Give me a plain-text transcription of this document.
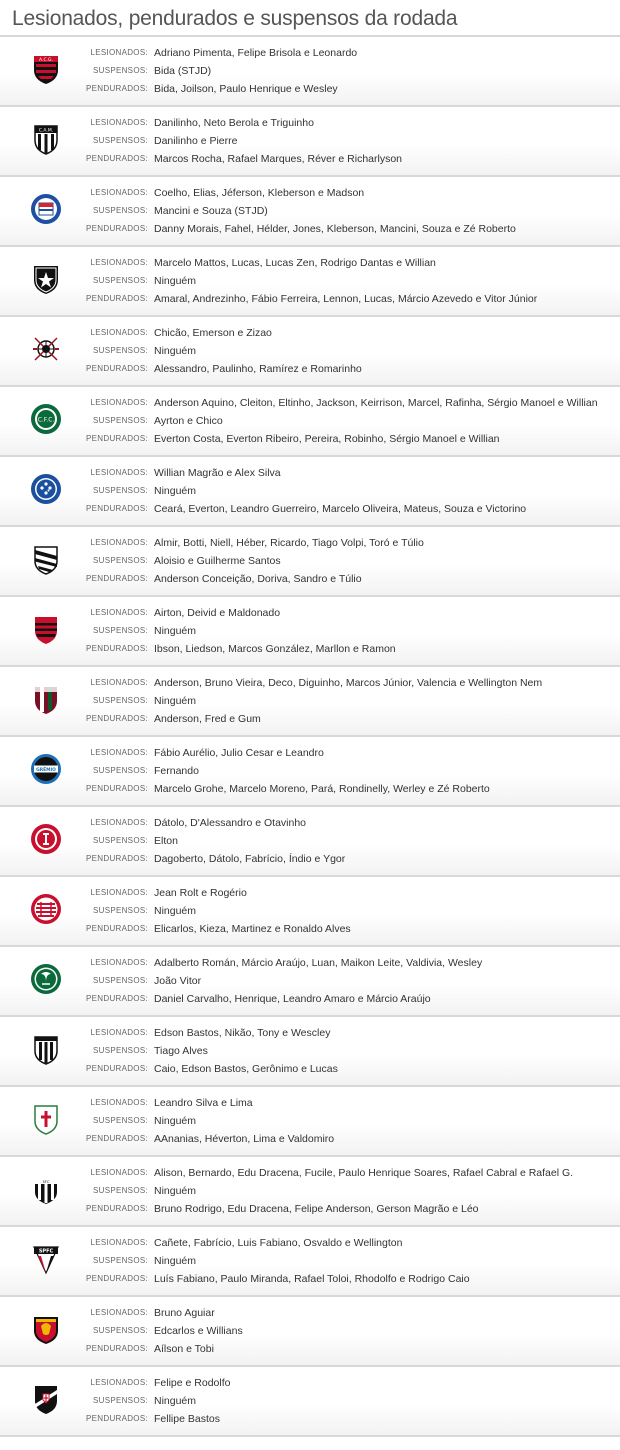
Lesionados, pendurados e suspensos da rodada
A.C.G.
LESIONADOS: Adriano Pimenta, Felipe Brisola e Leonardo
SUSPENSOS: Bida (STJD)
PENDURADOS: Bida, Joilson, Paulo Henrique e Wesley
C.A.M.
LESIONADOS: Danilinho, Neto Berola e Triguinho
SUSPENSOS: Danilinho e Pierre
PENDURADOS: Marcos Rocha, Rafael Marques, Réver e Richarlyson
LESIONADOS: Coelho, Elias, Jéferson, Kleberson e Madson
SUSPENSOS: Mancini e Souza (STJD)
PENDURADOS: Danny Morais, Fahel, Hélder, Jones, Kleberson, Mancini, Souza e Zé Roberto
LESIONADOS: Marcelo Mattos, Lucas, Lucas Zen, Rodrigo Dantas e Willian
SUSPENSOS: Ninguém
PENDURADOS: Amaral, Andrezinho, Fábio Ferreira, Lennon, Lucas, Márcio Azevedo e Vitor Júnior
LESIONADOS: Chicão, Emerson e Zizao
SUSPENSOS: Ninguém
PENDURADOS: Alessandro, Paulinho, Ramírez e Romarinho
C.F.C.
LESIONADOS: Anderson Aquino, Cleiton, Eltinho, Jackson, Keirrison, Marcel, Rafinha, Sérgio Manoel e Willian
SUSPENSOS: Ayrton e Chico
PENDURADOS: Everton Costa, Everton Ribeiro, Pereira, Robinho, Sérgio Manoel e Willian
LESIONADOS: Willian Magrão e Alex Silva
SUSPENSOS: Ninguém
PENDURADOS: Ceará, Everton, Leandro Guerreiro, Marcelo Oliveira, Mateus, Souza e Victorino
LESIONADOS: Almir, Botti, Niell, Héber, Ricardo, Tiago Volpi, Toró e Túlio
SUSPENSOS: Aloisio e Guilherme Santos
PENDURADOS: Anderson Conceição, Doriva, Sandro e Túlio
LESIONADOS: Airton, Deivid e Maldonado
SUSPENSOS: Ninguém
PENDURADOS: Ibson, Liedson, Marcos González, Marllon e Ramon
LESIONADOS: Anderson, Bruno Vieira, Deco, Diguinho, Marcos Júnior, Valencia e Wellington Nem
SUSPENSOS: Ninguém
PENDURADOS: Anderson, Fred e Gum
GRÊMIO
LESIONADOS: Fábio Aurélio, Julio Cesar e Leandro
SUSPENSOS: Fernando
PENDURADOS: Marcelo Grohe, Marcelo Moreno, Pará, Rondinelly, Werley e Zé Roberto
LESIONADOS: Dátolo, D'Alessandro e Otavinho
SUSPENSOS: Elton
PENDURADOS: Dagoberto, Dátolo, Fabrício, Índio e Ygor
LESIONADOS: Jean Rolt e Rogério
SUSPENSOS: Ninguém
PENDURADOS: Elicarlos, Kieza, Martinez e Ronaldo Alves
LESIONADOS: Adalberto Román, Márcio Araújo, Luan, Maikon Leite, Valdivia, Wesley
SUSPENSOS: João Vitor
PENDURADOS: Daniel Carvalho, Henrique, Leandro Amaro e Márcio Araújo
LESIONADOS: Edson Bastos, Nikão, Tony e Wescley
SUSPENSOS: Tiago Alves
PENDURADOS: Caio, Edson Bastos, Gerônimo e Lucas
LESIONADOS: Leandro Silva e Lima
SUSPENSOS: Ninguém
PENDURADOS: AAnanias, Héverton, Lima e Valdomiro
SFC
LESIONADOS: Alison, Bernardo, Edu Dracena, Fucile, Paulo Henrique Soares, Rafael Cabral e Rafael G.
SUSPENSOS: Ninguém
PENDURADOS: Bruno Rodrigo, Edu Dracena, Felipe Anderson, Gerson Magrão e Léo
SPFC
LESIONADOS: Cañete, Fabrício, Luis Fabiano, Osvaldo e Wellington
SUSPENSOS: Ninguém
PENDURADOS: Luís Fabiano, Paulo Miranda, Rafael Toloi, Rhodolfo e Rodrigo Caio
LESIONADOS: Bruno Aguiar
SUSPENSOS: Edcarlos e Willians
PENDURADOS: Aílson e Tobi
LESIONADOS: Felipe e Rodolfo
SUSPENSOS: Ninguém
PENDURADOS: Fellipe Bastos
